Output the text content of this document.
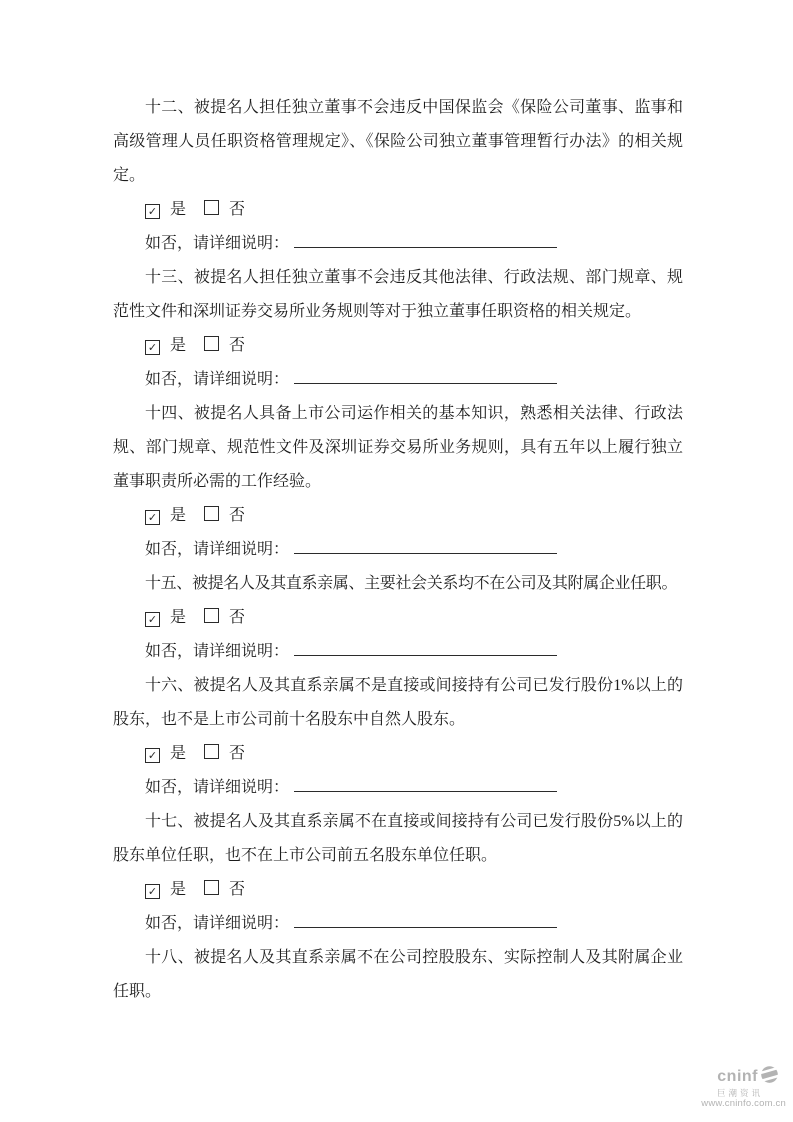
十二、被提名人担任独立董事不会违反中国保监会《保险公司董事、监事和高级管理人员任职资格管理规定》、《保险公司独立董事管理暂行办法》的相关规定。

✓ 是	否

如否，请详细说明：

十三、被提名人担任独立董事不会违反其他法律、行政法规、部门规章、规范性文件和深圳证券交易所业务规则等对于独立董事任职资格的相关规定。

✓ 是	否

如否，请详细说明：

十四、被提名人具备上市公司运作相关的基本知识，熟悉相关法律、行政法规、部门规章、规范性文件及深圳证券交易所业务规则，具有五年以上履行独立董事职责所必需的工作经验。

✓ 是	否

如否，请详细说明：

十五、被提名人及其直系亲属、主要社会关系均不在公司及其附属企业任职。

✓ 是	否

如否，请详细说明：

十六、被提名人及其直系亲属不是直接或间接持有公司已发行股份1%以上的股东，也不是上市公司前十名股东中自然人股东。

✓ 是	否

如否，请详细说明：

十七、被提名人及其直系亲属不在直接或间接持有公司已发行股份5%以上的股东单位任职，也不在上市公司前五名股东单位任职。

✓ 是	否

如否，请详细说明：

十八、被提名人及其直系亲属不在公司控股股东、实际控制人及其附属企业任职。

cninf
巨潮资讯
www.cninfo.com.cn
